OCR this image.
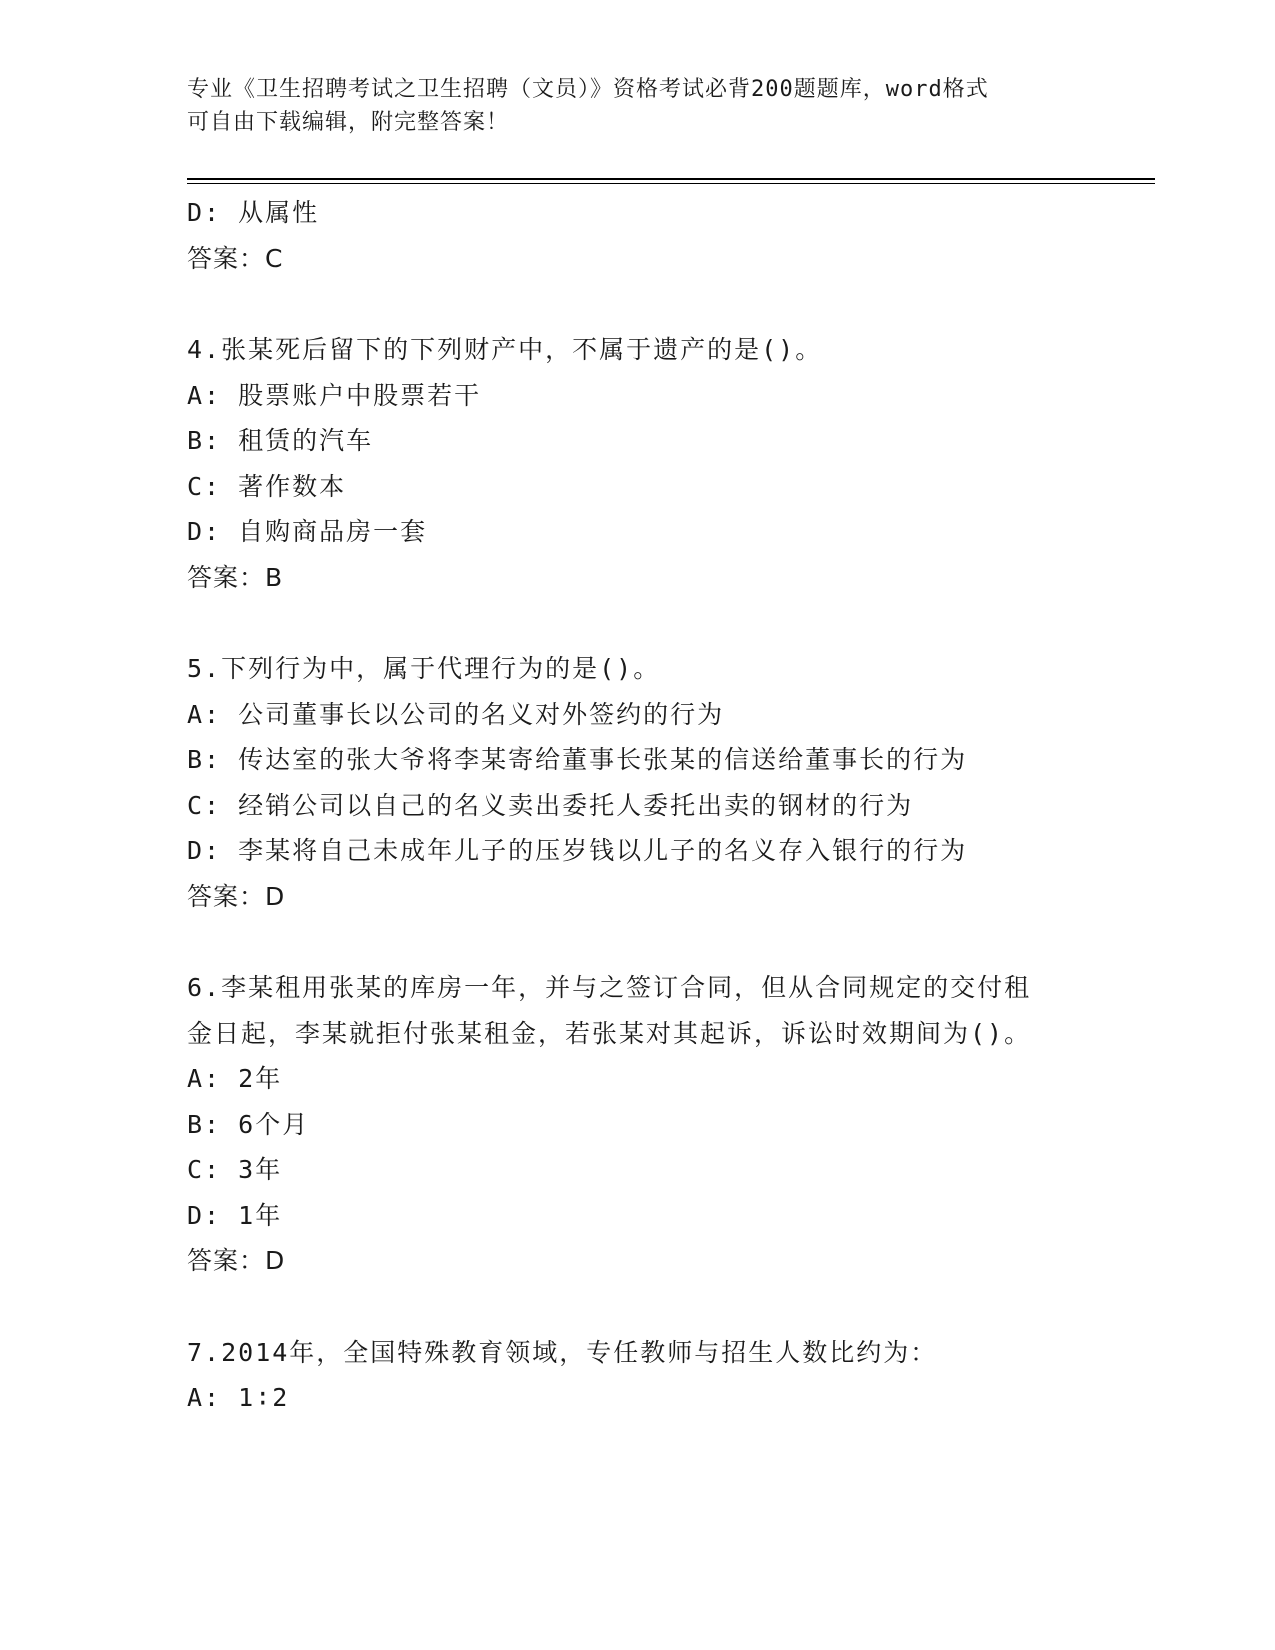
专业《卫生招聘考试之卫生招聘（文员）》资格考试必背200题题库，word格式
可自由下载编辑，附完整答案！
D: 从属性
答案：C
4.张某死后留下的下列财产中，不属于遗产的是()。
A: 股票账户中股票若干
B: 租赁的汽车
C: 著作数本
D: 自购商品房一套
答案：B
5.下列行为中，属于代理行为的是()。
A: 公司董事长以公司的名义对外签约的行为
B: 传达室的张大爷将李某寄给董事长张某的信送给董事长的行为
C: 经销公司以自己的名义卖出委托人委托出卖的钢材的行为
D: 李某将自己未成年儿子的压岁钱以儿子的名义存入银行的行为
答案：D
6.李某租用张某的库房一年，并与之签订合同，但从合同规定的交付租金日起，李某就拒付张某租金，若张某对其起诉，诉讼时效期间为()。
A: 2年
B: 6个月
C: 3年
D: 1年
答案：D
7.2014年，全国特殊教育领域，专任教师与招生人数比约为：
A: 1∶2
